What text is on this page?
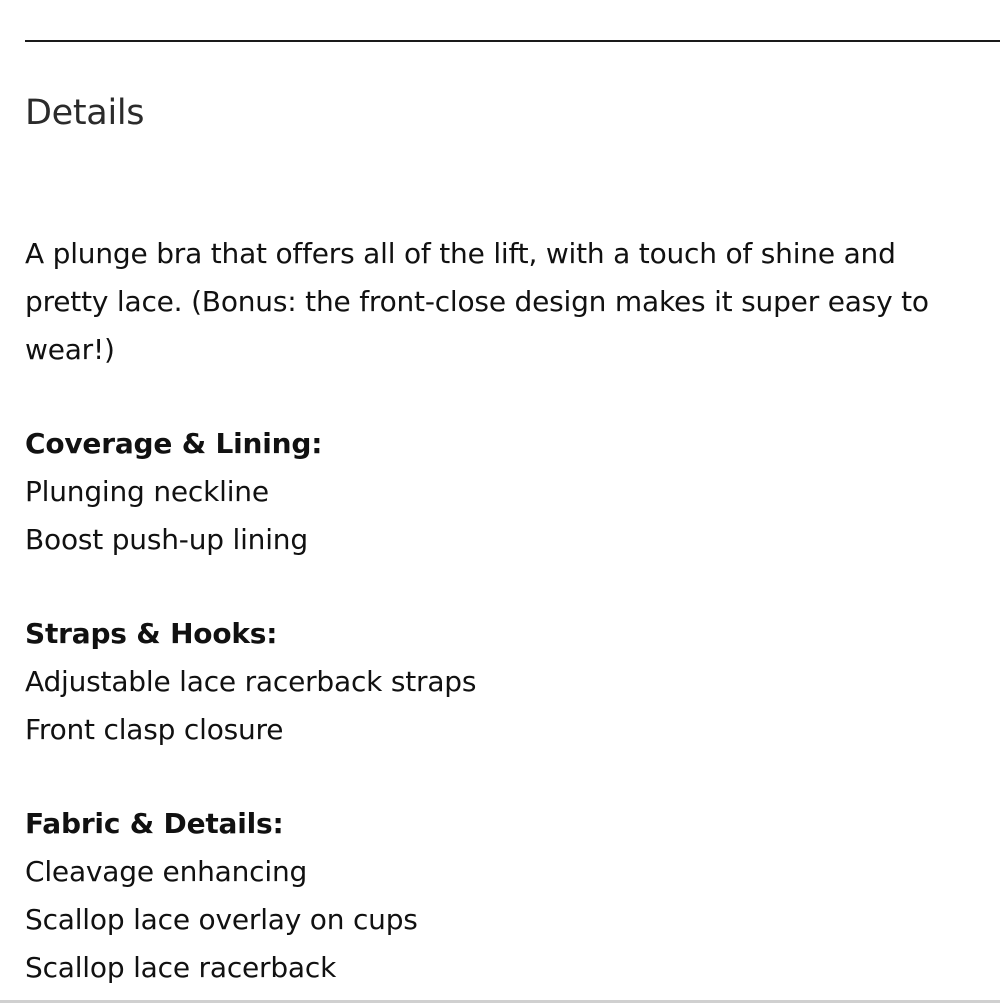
Details

A plunge bra that offers all of the lift, with a touch of shine and pretty lace. (Bonus: the front-close design makes it super easy to wear!)

Coverage & Lining:

Plunging neckline
Boost push-up lining

Straps & Hooks:

Adjustable lace racerback straps
Front clasp closure

Fabric & Details:

Cleavage enhancing
Scallop lace overlay on cups
Scallop lace racerback
